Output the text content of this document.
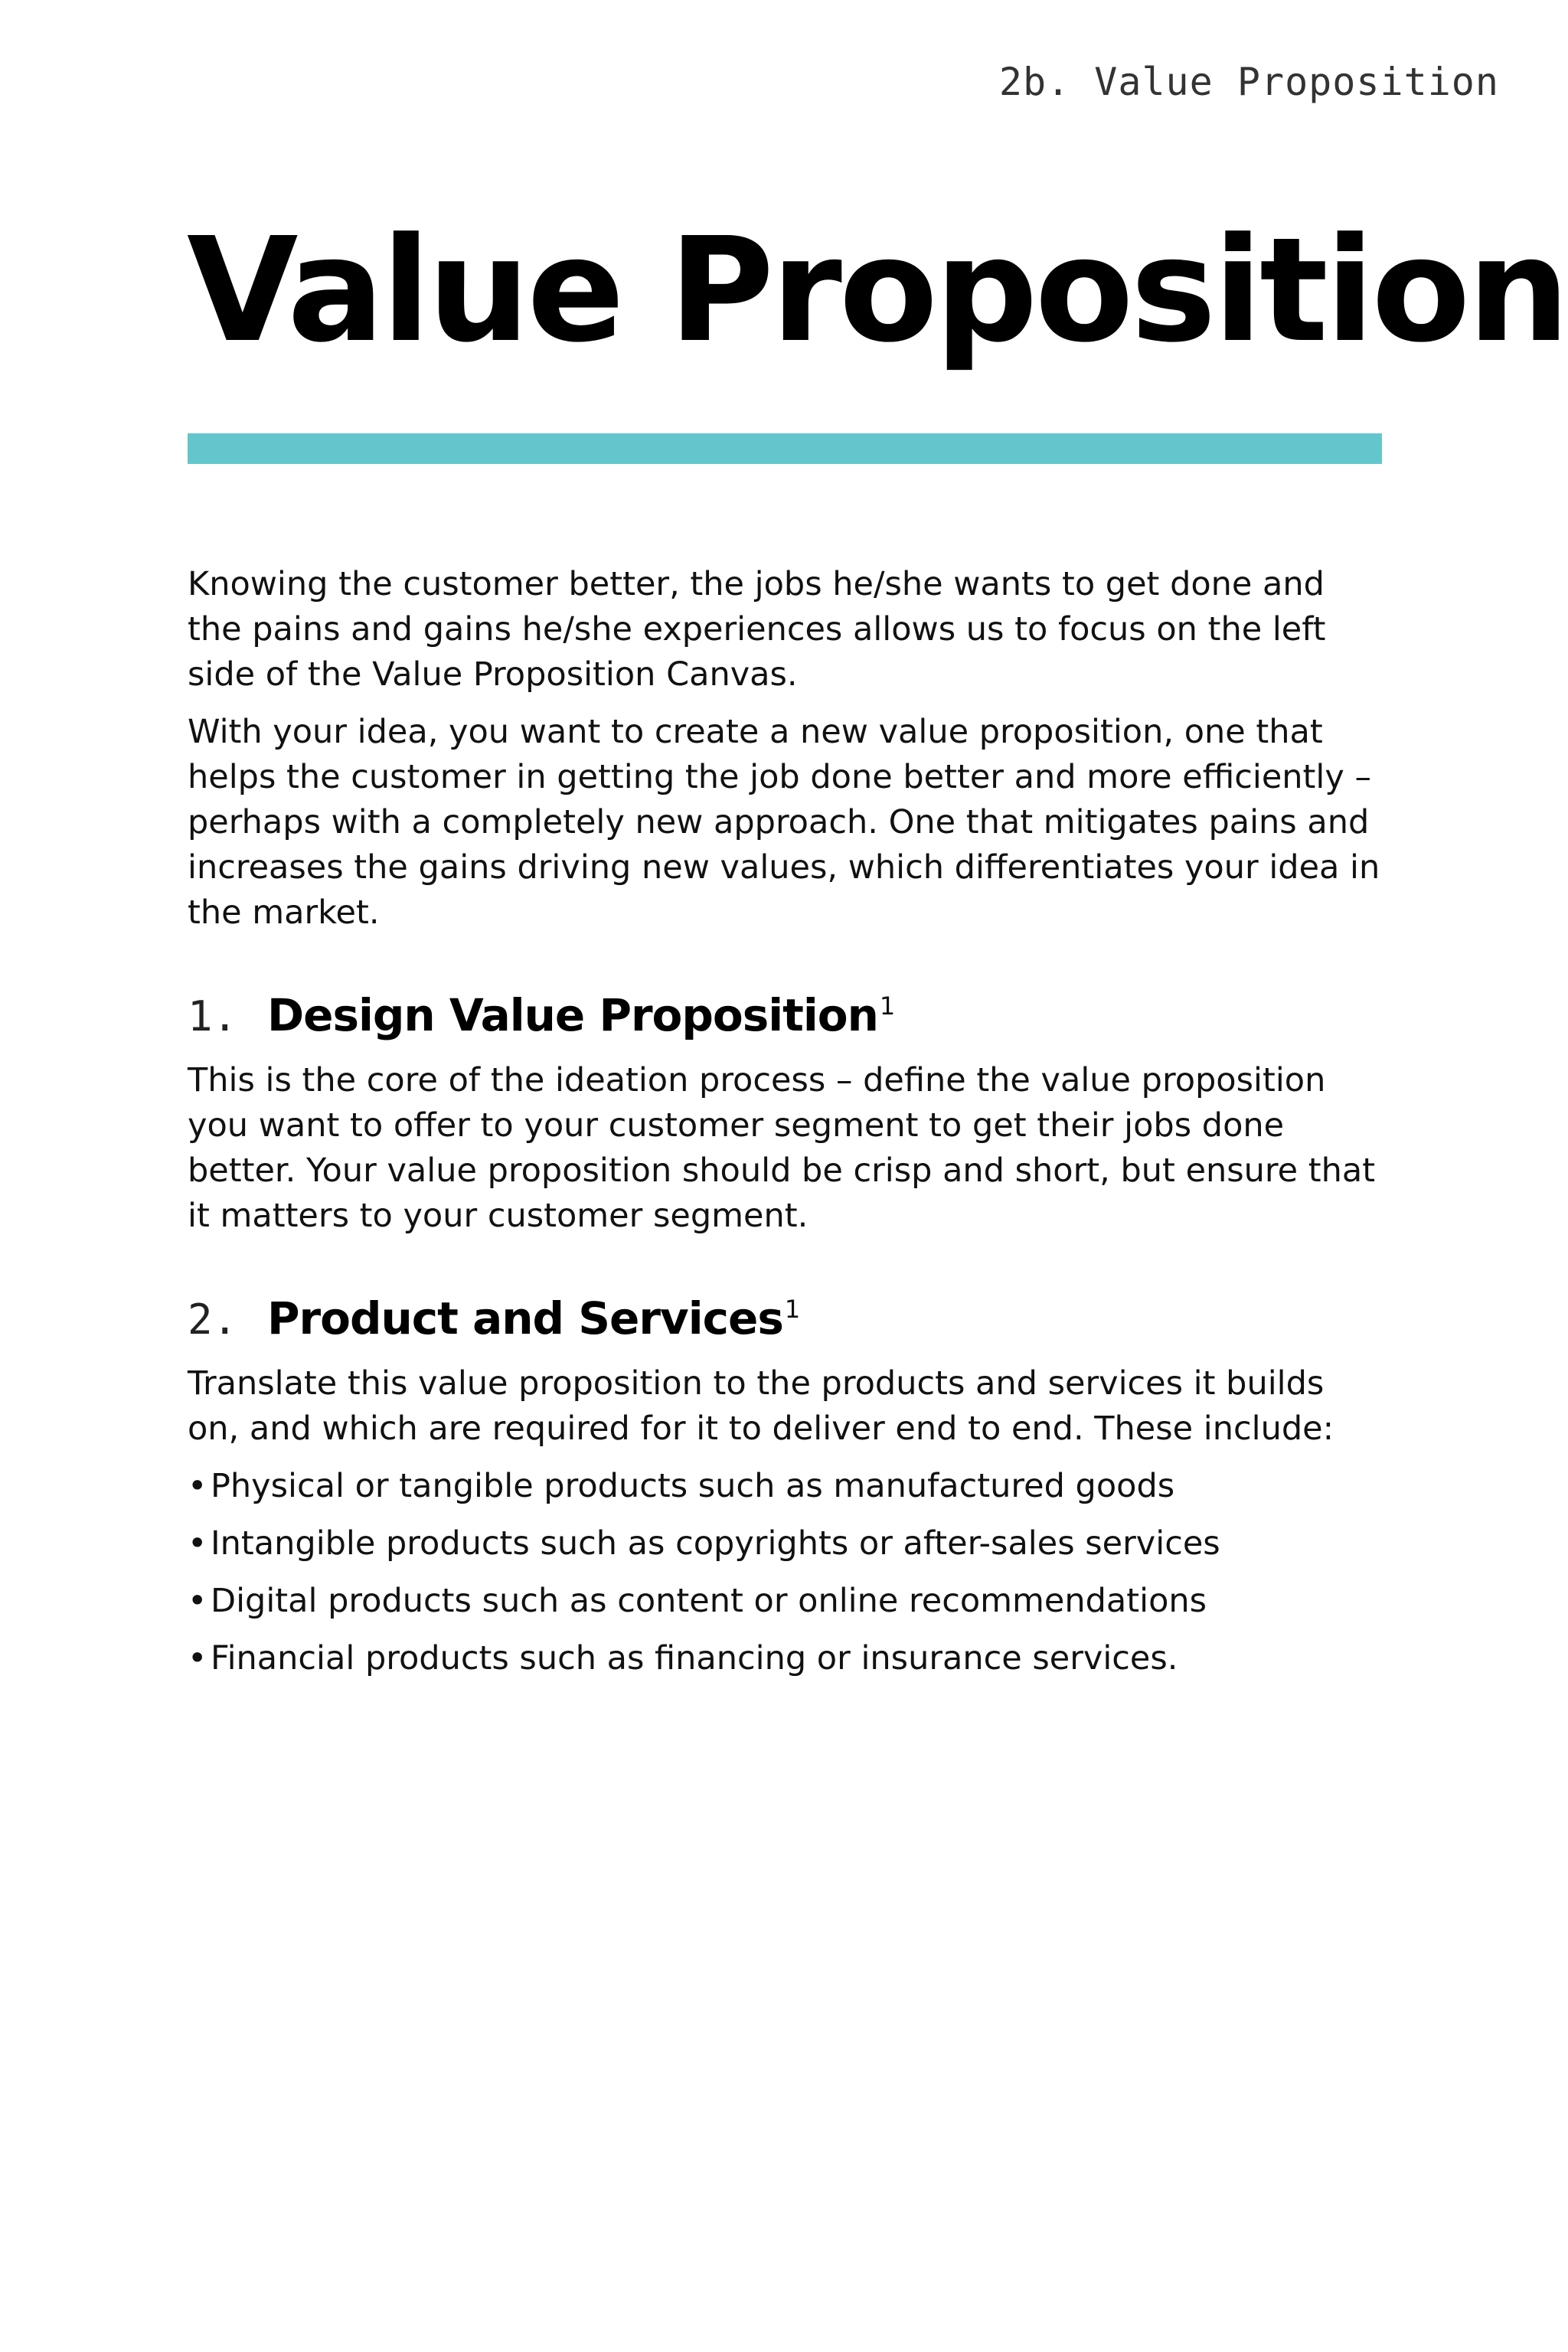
2b. Value Proposition
Value Proposition

Knowing the customer better, the jobs he/she wants to get done and the pains and gains he/she experiences allows us to focus on the left side of the Value Proposition Canvas.

With your idea, you want to create a new value proposition, one that helps the customer in getting the job done better and more efficiently – perhaps with a completely new approach. One that mitigates pains and increases the gains driving new values, which differentiates your idea in the market.

1. Design Value Proposition$^1$

This is the core of the ideation process – define the value proposition you want to offer to your customer segment to get their jobs done better. Your value proposition should be crisp and short, but ensure that it matters to your customer segment.

2. Product and Services$^1$

Translate this value proposition to the products and services it builds on, and which are required for it to deliver end to end. These include:

• Physical or tangible products such as manufactured goods
• Intangible products such as copyrights or after-sales services
• Digital products such as content or online recommendations
• Financial products such as financing or insurance services.
